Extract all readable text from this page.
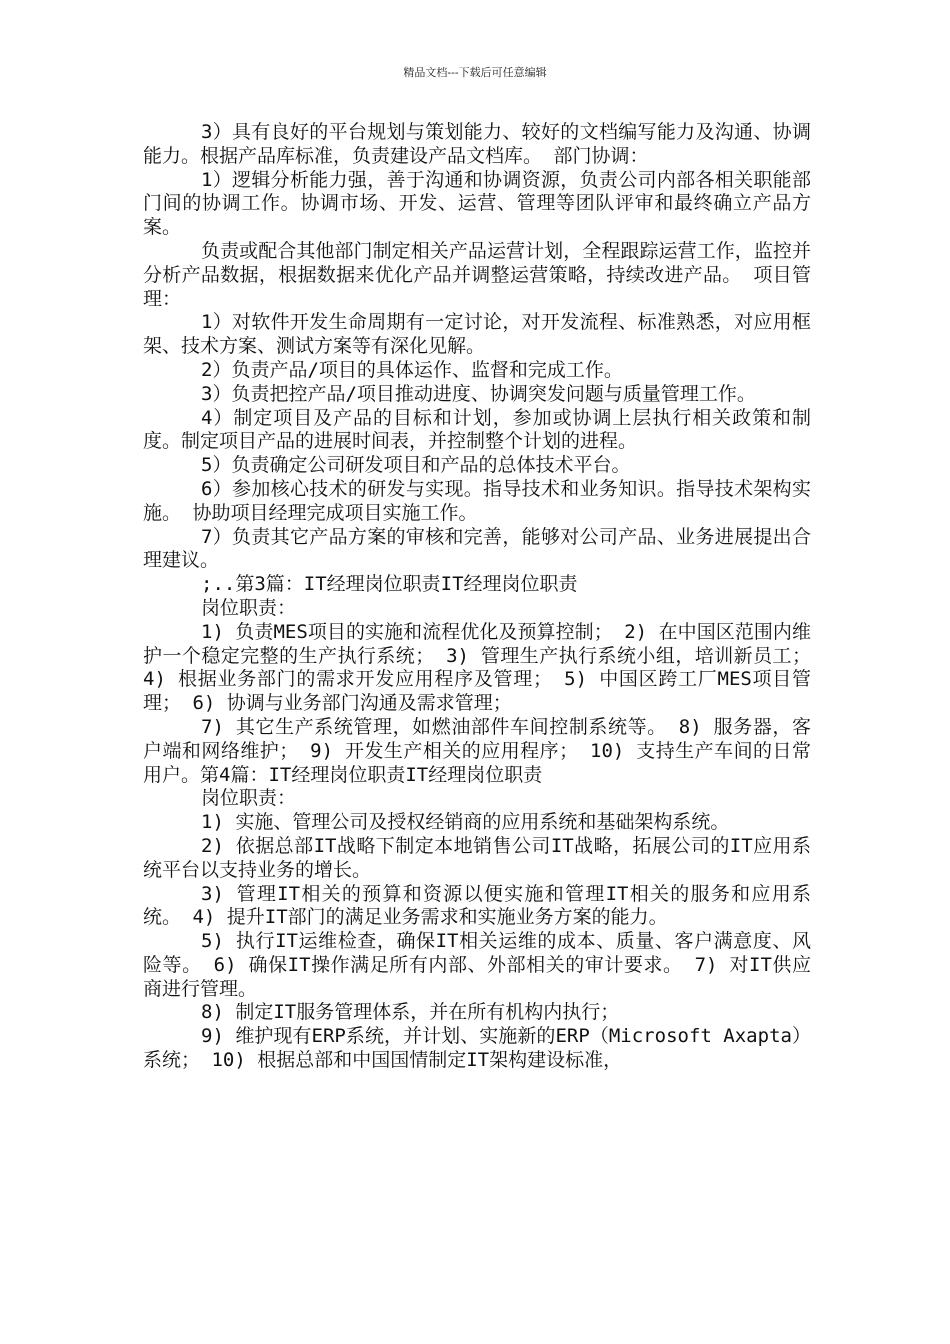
精品文档---下载后可任意编辑

3）具有良好的平台规划与策划能力、较好的文档编写能力及沟通、协调能力。根据产品库标准，负责建设产品文档库。 部门协调：

1）逻辑分析能力强，善于沟通和协调资源，负责公司内部各相关职能部门间的协调工作。协调市场、开发、运营、管理等团队评审和最终确立产品方案。

负责或配合其他部门制定相关产品运营计划，全程跟踪运营工作，监控并分析产品数据，根据数据来优化产品并调整运营策略，持续改进产品。 项目管理：

1）对软件开发生命周期有一定讨论，对开发流程、标准熟悉，对应用框架、技术方案、测试方案等有深化见解。

2）负责产品/项目的具体运作、监督和完成工作。

3）负责把控产品/项目推动进度、协调突发问题与质量管理工作。

4）制定项目及产品的目标和计划，参加或协调上层执行相关政策和制度。制定项目产品的进展时间表，并控制整个计划的进程。

5）负责确定公司研发项目和产品的总体技术平台。

6）参加核心技术的研发与实现。指导技术和业务知识。指导技术架构实施。 协助项目经理完成项目实施工作。

7）负责其它产品方案的审核和完善，能够对公司产品、业务进展提出合理建议。

;..第3篇：IT经理岗位职责IT经理岗位职责

岗位职责：

1) 负责MES项目的实施和流程优化及预算控制； 2) 在中国区范围内维护一个稳定完整的生产执行系统； 3) 管理生产执行系统小组，培训新员工； 4) 根据业务部门的需求开发应用程序及管理； 5) 中国区跨工厂MES项目管理； 6) 协调与业务部门沟通及需求管理；

7) 其它生产系统管理，如燃油部件车间控制系统等。 8) 服务器，客户端和网络维护； 9) 开发生产相关的应用程序； 10) 支持生产车间的日常用户。第4篇：IT经理岗位职责IT经理岗位职责

岗位职责：

1) 实施、管理公司及授权经销商的应用系统和基础架构系统。

2) 依据总部IT战略下制定本地销售公司IT战略，拓展公司的IT应用系统平台以支持业务的增长。

3) 管理IT相关的预算和资源以便实施和管理IT相关的服务和应用系统。 4) 提升IT部门的满足业务需求和实施业务方案的能力。

5) 执行IT运维检查，确保IT相关运维的成本、质量、客户满意度、风险等。 6) 确保IT操作满足所有内部、外部相关的审计要求。 7) 对IT供应商进行管理。

8) 制定IT服务管理体系，并在所有机构内执行；

9) 维护现有ERP系统，并计划、实施新的ERP（Microsoft Axapta）系统； 10) 根据总部和中国国情制定IT架构建设标准，
